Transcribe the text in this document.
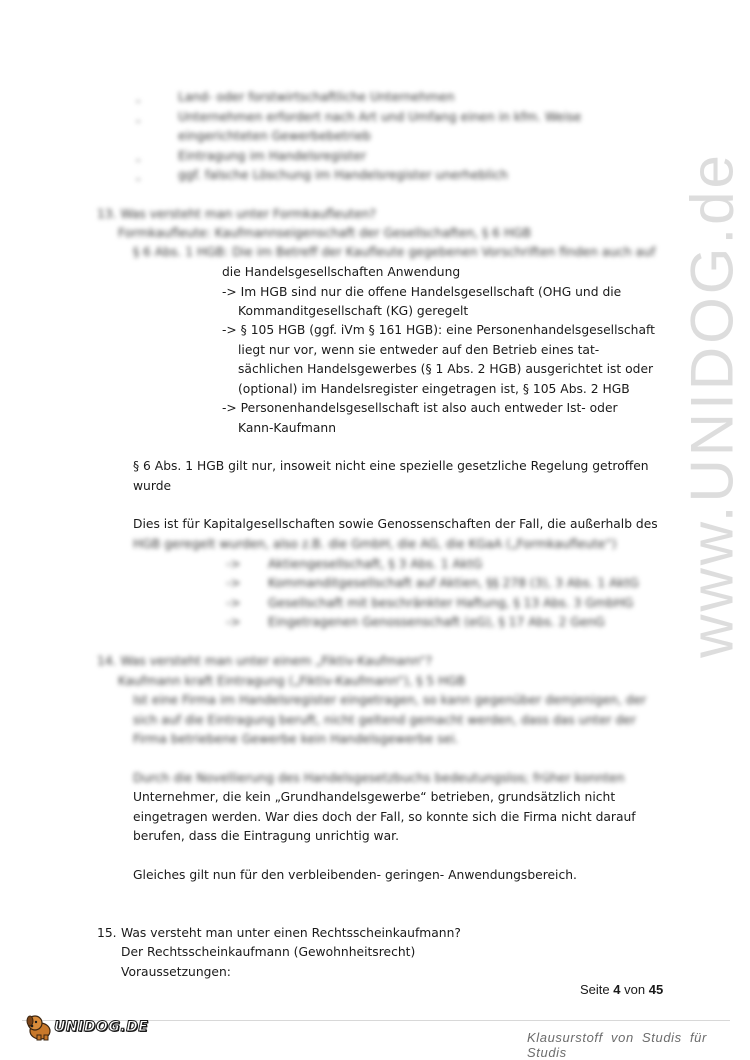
www.UNIDOG.de
-	Land- oder forstwirtschaftliche Unternehmen
-	Unternehmen erfordert nach Art und Umfang einen in kfm. Weise
eingerichteten Gewerbebetrieb
-	Eintragung im Handelsregister
-	ggf. falsche Löschung im Handelsregister unerheblich
13. Was versteht man unter Formkaufleuten?
Formkaufleute: Kaufmannseigenschaft der Gesellschaften, § 6 HGB
§ 6 Abs. 1 HGB: Die im Betreff der Kaufleute gegebenen Vorschriften finden auch auf
die Handelsgesellschaften Anwendung
-> Im HGB sind nur die offene Handelsgesellschaft (OHG und die
Kommanditgesellschaft (KG) geregelt
-> § 105 HGB (ggf. iVm § 161 HGB): eine Personenhandelsgesellschaft
liegt nur vor, wenn sie entweder auf den Betrieb eines tat-
sächlichen Handelsgewerbes (§ 1 Abs. 2 HGB) ausgerichtet ist oder
(optional) im Handelsregister eingetragen ist, § 105 Abs. 2 HGB
-> Personenhandelsgesellschaft ist also auch entweder Ist- oder
Kann-Kaufmann
§ 6 Abs. 1 HGB gilt nur, insoweit nicht eine spezielle gesetzliche Regelung getroffen
wurde
Dies ist für Kapitalgesellschaften sowie Genossenschaften der Fall, die außerhalb des
HGB geregelt wurden, also z.B. die GmbH, die AG, die KGaA („Formkaufleute“)
-> Aktiengesellschaft, § 3 Abs. 1 AktG
-> Kommanditgesellschaft auf Aktien, §§ 278 (3), 3 Abs. 1 AktG
-> Gesellschaft mit beschränkter Haftung, § 13 Abs. 3 GmbHG
-> Eingetragenen Genossenschaft (eG), § 17 Abs. 2 GenG
14. Was versteht man unter einem „Fiktiv-Kaufmann“?
Kaufmann kraft Eintragung („Fiktiv-Kaufmann“), § 5 HGB
Ist eine Firma im Handelsregister eingetragen, so kann gegenüber demjenigen, der
sich auf die Eintragung beruft, nicht geltend gemacht werden, dass das unter der
Firma betriebene Gewerbe kein Handelsgewerbe sei.
Durch die Novellierung des Handelsgesetzbuchs bedeutungslos; früher konnten
Unternehmer, die kein „Grundhandelsgewerbe“ betrieben, grundsätzlich nicht
eingetragen werden. War dies doch der Fall, so konnte sich die Firma nicht darauf
berufen, dass die Eintragung unrichtig war.
Gleiches gilt nun für den verbleibenden- geringen- Anwendungsbereich.
15. Was versteht man unter einen Rechtsscheinkaufmann?
Der Rechtsscheinkaufmann (Gewohnheitsrecht)
Voraussetzungen:
Seite 4 von 45
UNIDOG.DE
Klausurstoff von Studis für Studis
